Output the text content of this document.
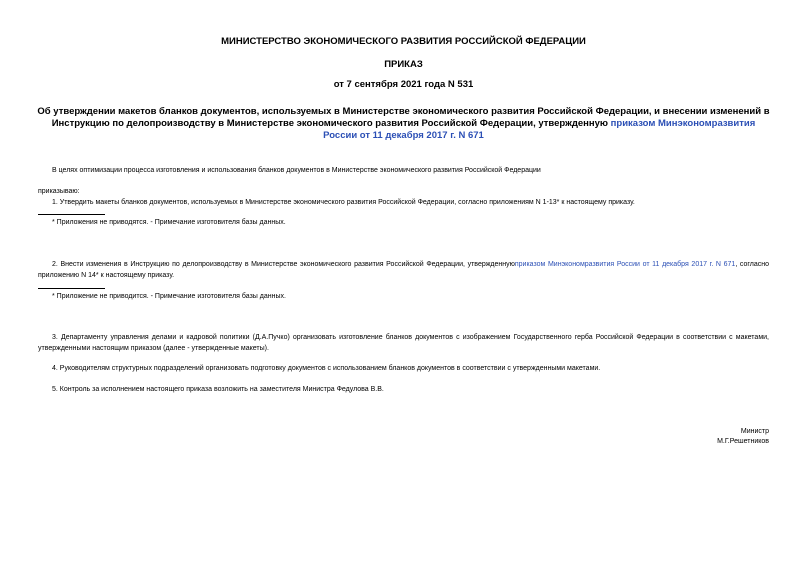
МИНИСТЕРСТВО ЭКОНОМИЧЕСКОГО РАЗВИТИЯ РОССИЙСКОЙ ФЕДЕРАЦИИ
ПРИКАЗ
от 7 сентября 2021 года N 531
Об утверждении макетов бланков документов, используемых в Министерстве экономического развития Российской Федерации, и внесении изменений в Инструкцию по делопроизводству в Министерстве экономического развития Российской Федерации, утвержденную приказом Минэкономразвития России от 11 декабря 2017 г. N 671
В целях оптимизации процесса изготовления и использования бланков документов в Министерстве экономического развития Российской Федерации
приказываю:
1. Утвердить макеты бланков документов, используемых в Министерстве экономического развития Российской Федерации, согласно приложениям N 1-13* к настоящему приказу.
* Приложения не приводятся. - Примечание изготовителя базы данных.
2. Внести изменения в Инструкцию по делопроизводству в Министерстве экономического развития Российской Федерации, утвержденнуюприказом Минэкономразвития России от 11 декабря 2017 г. N 671, согласно приложению N 14* к настоящему приказу.
* Приложение не приводится. - Примечание изготовителя базы данных.
3. Департаменту управления делами и кадровой политики (Д.А.Пучко) организовать изготовление бланков документов с изображением Государственного герба Российской Федерации в соответствии с макетами, утвержденными настоящим приказом (далее - утвержденные макеты).
4. Руководителям структурных подразделений организовать подготовку документов с использованием бланков документов в соответствии с утвержденными макетами.
5. Контроль за исполнением настоящего приказа возложить на заместителя Министра Федулова В.В.
Министр
М.Г.Решетников
